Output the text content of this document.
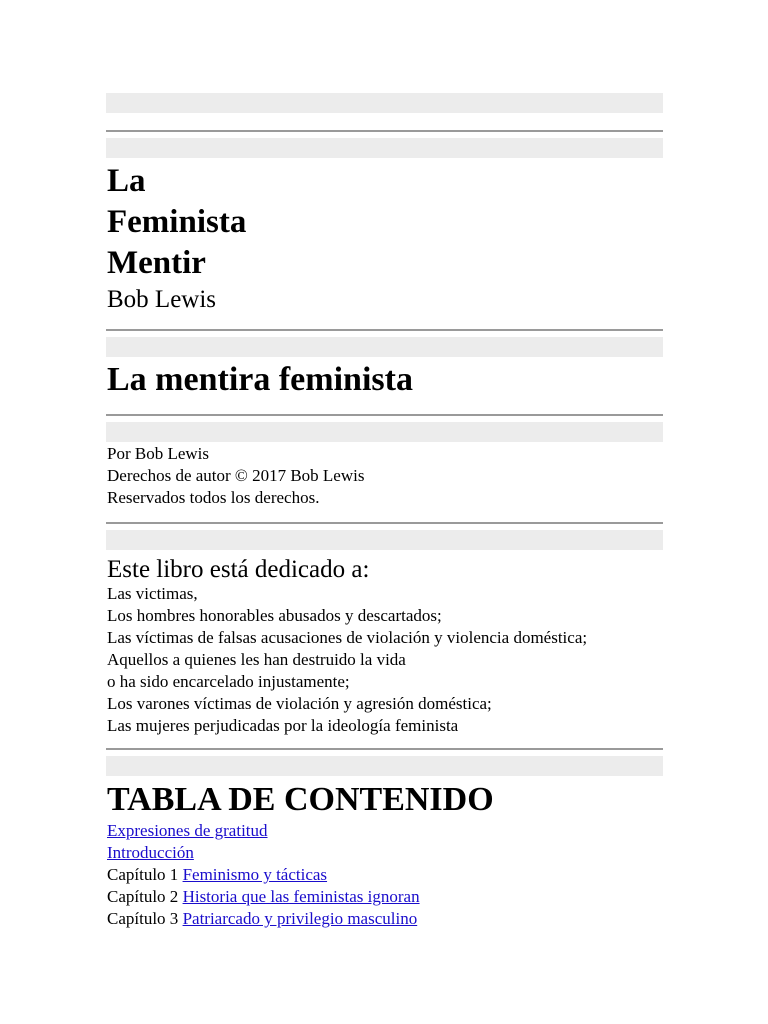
La
Feminista
Mentir
Bob Lewis
La mentira feminista
Por Bob Lewis
Derechos de autor © 2017 Bob Lewis
Reservados todos los derechos.
Este libro está dedicado a:
Las victimas,
Los hombres honorables abusados y descartados;
Las víctimas de falsas acusaciones de violación y violencia doméstica;
Aquellos a quienes les han destruido la vida
o ha sido encarcelado injustamente;
Los varones víctimas de violación y agresión doméstica;
Las mujeres perjudicadas por la ideología feminista
TABLA DE CONTENIDO
Expresiones de gratitud
Introducción
Capítulo 1 Feminismo y tácticas
Capítulo 2 Historia que las feministas ignoran
Capítulo 3 Patriarcado y privilegio masculino
